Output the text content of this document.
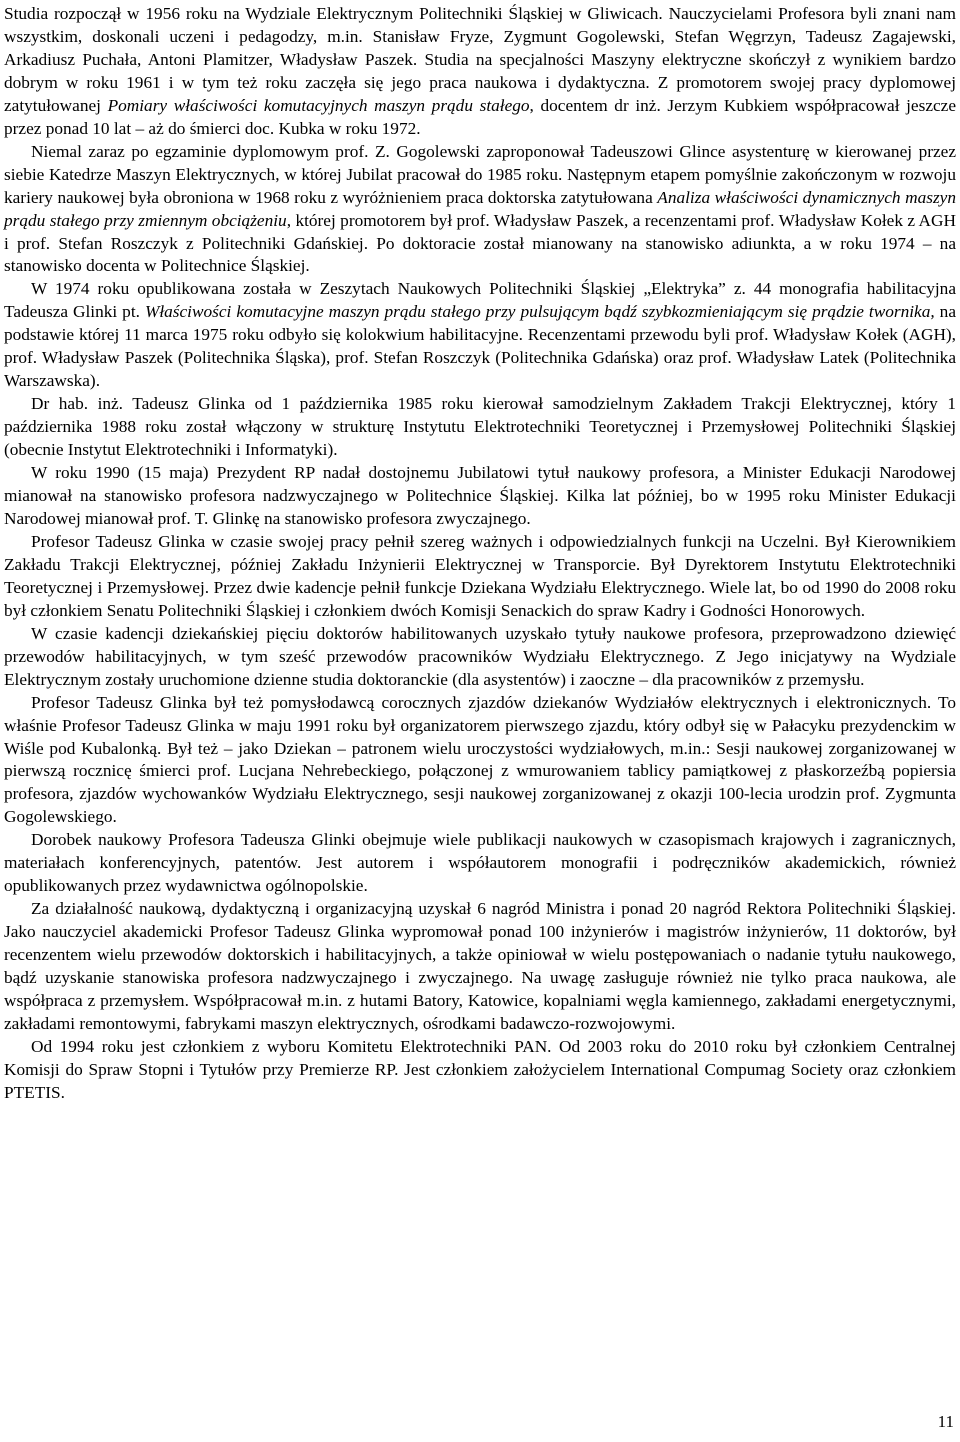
Studia rozpoczął w 1956 roku na Wydziale Elektrycznym Politechniki Śląskiej w Gliwicach. Nauczycielami Profesora byli znani nam wszystkim, doskonali uczeni i pedagodzy, m.in. Stanisław Fryze, Zygmunt Gogolewski, Stefan Węgrzyn, Tadeusz Zagajewski, Arkadiusz Puchała, Antoni Plamitzer, Władysław Paszek. Studia na specjalności Maszyny elektryczne skończył z wynikiem bardzo dobrym w roku 1961 i w tym też roku zaczęła się jego praca naukowa i dydaktyczna. Z promotorem swojej pracy dyplomowej zatytułowanej Pomiary właściwości komutacyjnych maszyn prądu stałego, docentem dr inż. Jerzym Kubkiem współpracował jeszcze przez ponad 10 lat – aż do śmierci doc. Kubka w roku 1972.

Niemal zaraz po egzaminie dyplomowym prof. Z. Gogolewski zaproponował Tadeuszowi Glince asystenturę w kierowanej przez siebie Katedrze Maszyn Elektrycznych, w której Jubilat pracował do 1985 roku. Następnym etapem pomyślnie zakończonym w rozwoju kariery naukowej była obroniona w 1968 roku z wyróżnieniem praca doktorska zatytułowana Analiza właściwości dynamicznych maszyn prądu stałego przy zmiennym obciążeniu, której promotorem był prof. Władysław Paszek, a recenzentami prof. Władysław Kołek z AGH i prof. Stefan Roszczyk z Politechniki Gdańskiej. Po doktoracie został mianowany na stanowisko adiunkta, a w roku 1974 – na stanowisko docenta w Politechnice Śląskiej.

W 1974 roku opublikowana została w Zeszytach Naukowych Politechniki Śląskiej „Elektryka” z. 44 monografia habilitacyjna Tadeusza Glinki pt. Właściwości komutacyjne maszyn prądu stałego przy pulsującym bądź szybkozmieniającym się prądzie twornika, na podstawie której 11 marca 1975 roku odbyło się kolokwium habilitacyjne. Recenzentami przewodu byli prof. Władysław Kołek (AGH), prof. Władysław Paszek (Politechnika Śląska), prof. Stefan Roszczyk (Politechnika Gdańska) oraz prof. Władysław Latek (Politechnika Warszawska).

Dr hab. inż. Tadeusz Glinka od 1 października 1985 roku kierował samodzielnym Zakładem Trakcji Elektrycznej, który 1 października 1988 roku został włączony w strukturę Instytutu Elektrotechniki Teoretycznej i Przemysłowej Politechniki Śląskiej (obecnie Instytut Elektrotechniki i Informatyki).

W roku 1990 (15 maja) Prezydent RP nadał dostojnemu Jubilatowi tytuł naukowy profesora, a Minister Edukacji Narodowej mianował na stanowisko profesora nadzwyczajnego w Politechnice Śląskiej. Kilka lat później, bo w 1995 roku Minister Edukacji Narodowej mianował prof. T. Glinkę na stanowisko profesora zwyczajnego.

Profesor Tadeusz Glinka w czasie swojej pracy pełnił szereg ważnych i odpowiedzialnych funkcji na Uczelni. Był Kierownikiem Zakładu Trakcji Elektrycznej, później Zakładu Inżynierii Elektrycznej w Transporcie. Był Dyrektorem Instytutu Elektrotechniki Teoretycznej i Przemysłowej. Przez dwie kadencje pełnił funkcje Dziekana Wydziału Elektrycznego. Wiele lat, bo od 1990 do 2008 roku był członkiem Senatu Politechniki Śląskiej i członkiem dwóch Komisji Senackich do spraw Kadry i Godności Honorowych.

W czasie kadencji dziekańskiej pięciu doktorów habilitowanych uzyskało tytuły naukowe profesora, przeprowadzono dziewięć przewodów habilitacyjnych, w tym sześć przewodów pracowników Wydziału Elektrycznego. Z Jego inicjatywy na Wydziale Elektrycznym zostały uruchomione dzienne studia doktoranckie (dla asystentów) i zaoczne – dla pracowników z przemysłu.

Profesor Tadeusz Glinka był też pomysłodawcą corocznych zjazdów dziekanów Wydziałów elektrycznych i elektronicznych. To właśnie Profesor Tadeusz Glinka w maju 1991 roku był organizatorem pierwszego zjazdu, który odbył się w Pałacyku prezydenckim w Wiśle pod Kubalonką. Był też – jako Dziekan – patronem wielu uroczystości wydziałowych, m.in.: Sesji naukowej zorganizowanej w pierwszą rocznicę śmierci prof. Lucjana Nehrebeckiego, połączonej z wmurowaniem tablicy pamiątkowej z płaskorzeźbą popiersia profesora, zjazdów wychowanków Wydziału Elektrycznego, sesji naukowej zorganizowanej z okazji 100-lecia urodzin prof. Zygmunta Gogolewskiego.

Dorobek naukowy Profesora Tadeusza Glinki obejmuje wiele publikacji naukowych w czasopismach krajowych i zagranicznych, materiałach konferencyjnych, patentów. Jest autorem i współautorem monografii i podręczników akademickich, również opublikowanych przez wydawnictwa ogólnopolskie.

Za działalność naukową, dydaktyczną i organizacyjną uzyskał 6 nagród Ministra i ponad 20 nagród Rektora Politechniki Śląskiej. Jako nauczyciel akademicki Profesor Tadeusz Glinka wypromował ponad 100 inżynierów i magistrów inżynierów, 11 doktorów, był recenzentem wielu przewodów doktorskich i habilitacyjnych, a także opiniował w wielu postępowaniach o nadanie tytułu naukowego, bądź uzyskanie stanowiska profesora nadzwyczajnego i zwyczajnego. Na uwagę zasługuje również nie tylko praca naukowa, ale współpraca z przemysłem. Współpracował m.in. z hutami Batory, Katowice, kopalniami węgla kamiennego, zakładami energetycznymi, zakładami remontowymi, fabrykami maszyn elektrycznych, ośrodkami badawczo-rozwojowymi.

Od 1994 roku jest członkiem z wyboru Komitetu Elektrotechniki PAN. Od 2003 roku do 2010 roku był członkiem Centralnej Komisji do Spraw Stopni i Tytułów przy Premierze RP. Jest członkiem założycielem International Compumag Society oraz członkiem PTETIS.

11
